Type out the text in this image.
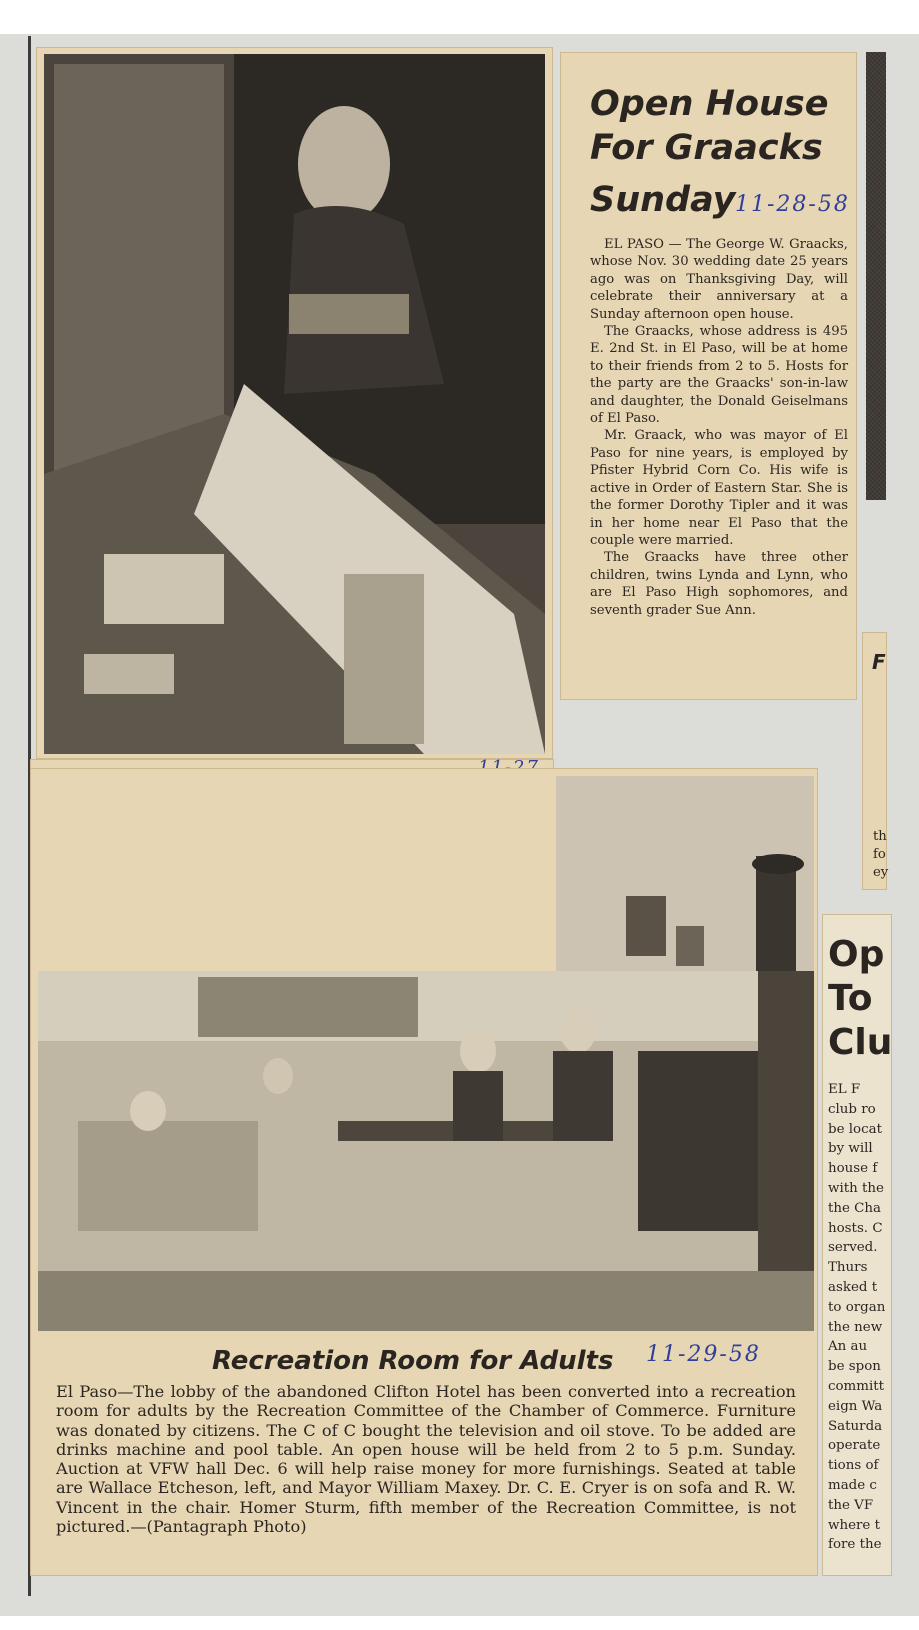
Open House
For Graacks
Sunday 11-28-58

EL PASO — The George W. Graacks, whose Nov. 30 wedding date 25 years ago was on Thanksgiving Day, will celebrate their anniversary at a Sunday afternoon open house.

The Graacks, whose address is 495 E. 2nd St. in El Paso, will be at home to their friends from 2 to 5. Hosts for the party are the Graacks' son-in-law and daughter, the Donald Geiselmans of El Paso.

Mr. Graack, who was mayor of El Paso for nine years, is employed by Pfister Hybrid Corn Co. His wife is active in Order of Eastern Star. She is the former Dorothy Tipler and it was in her home near El Paso that the couple were married.

The Graacks have three other children, twins Lynda and Lynn, who are El Paso High sophomores, and seventh grader Sue Ann.

F
th
fo
ey
Recreation Room for Adults 11-29-58

El Paso—The lobby of the abandoned Clifton Hotel has been converted into a recreation room for adults by the Recreation Committee of the Chamber of Commerce. Furniture was donated by citizens. The C of C bought the television and oil stove. To be added are drinks machine and pool table. An open house will be held from 2 to 5 p.m. Sunday. Auction at VFW hall Dec. 6 will help raise money for more furnishings. Seated at table are Wallace Etcheson, left, and Mayor William Maxey. Dr. C. E. Cryer is on sofa and R. W. Vincent in the chair. Homer Sturm, fifth member of the Recreation Committee, is not pictured.—(Pantagraph Photo)

Op
To
Clu
EL F
club ro
be locat
by will
house f
with the
the Cha
hosts. C
served.
Thurs
asked t
to organ
the new
An au
be spon
committ
eign Wa
Saturda
operate
tions of
made c
the VF
where t
fore the
